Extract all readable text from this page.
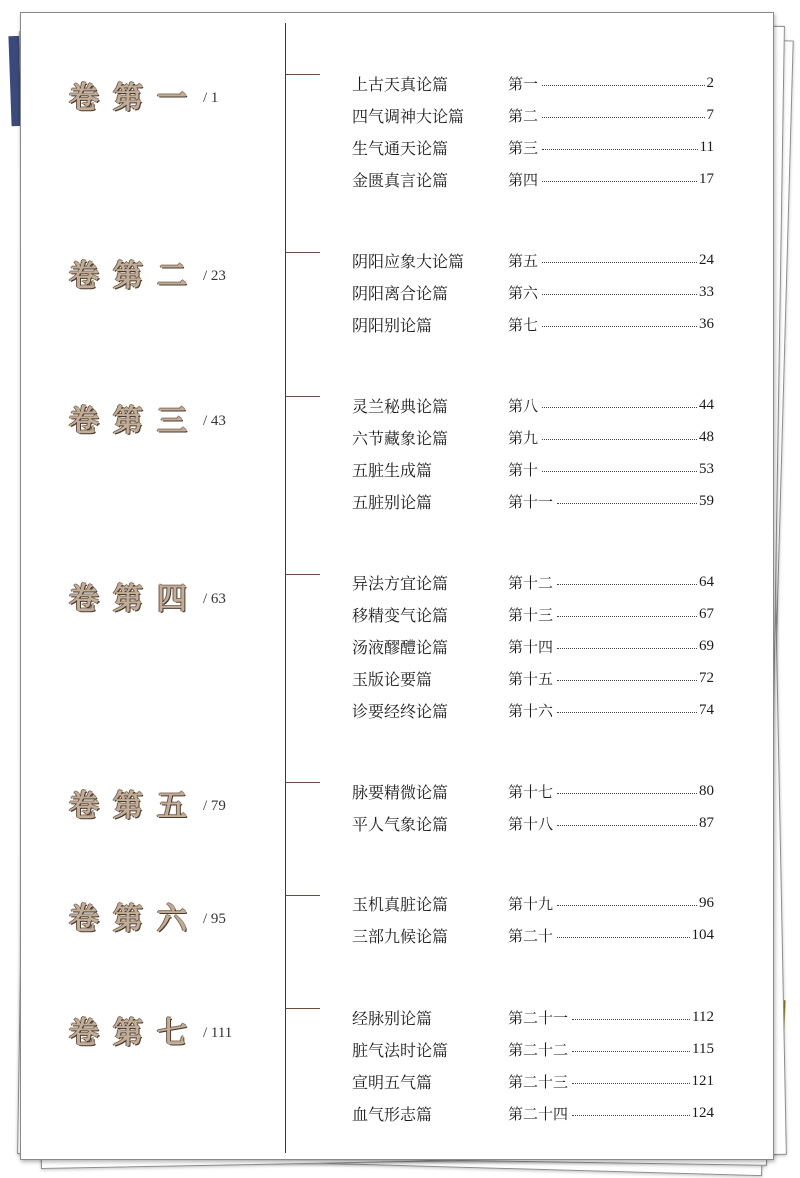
卷第一 / 1
上古天真论篇	第一	2
四气调神大论篇	第二	7
生气通天论篇	第三	11
金匮真言论篇	第四	17
卷第二 / 23
阴阳应象大论篇	第五	24
阴阳离合论篇	第六	33
阴阳别论篇	第七	36
卷第三 / 43
灵兰秘典论篇	第八	44
六节藏象论篇	第九	48
五脏生成篇	第十	53
五脏别论篇	第十一	59
卷第四 / 63
异法方宜论篇	第十二	64
移精变气论篇	第十三	67
汤液醪醴论篇	第十四	69
玉版论要篇	第十五	72
诊要经终论篇	第十六	74
卷第五 / 79
脉要精微论篇	第十七	80
平人气象论篇	第十八	87
卷第六 / 95
玉机真脏论篇	第十九	96
三部九候论篇	第二十	104
卷第七 / 111
经脉别论篇	第二十一	112
脏气法时论篇	第二十二	115
宣明五气篇	第二十三	121
血气形志篇	第二十四	124
